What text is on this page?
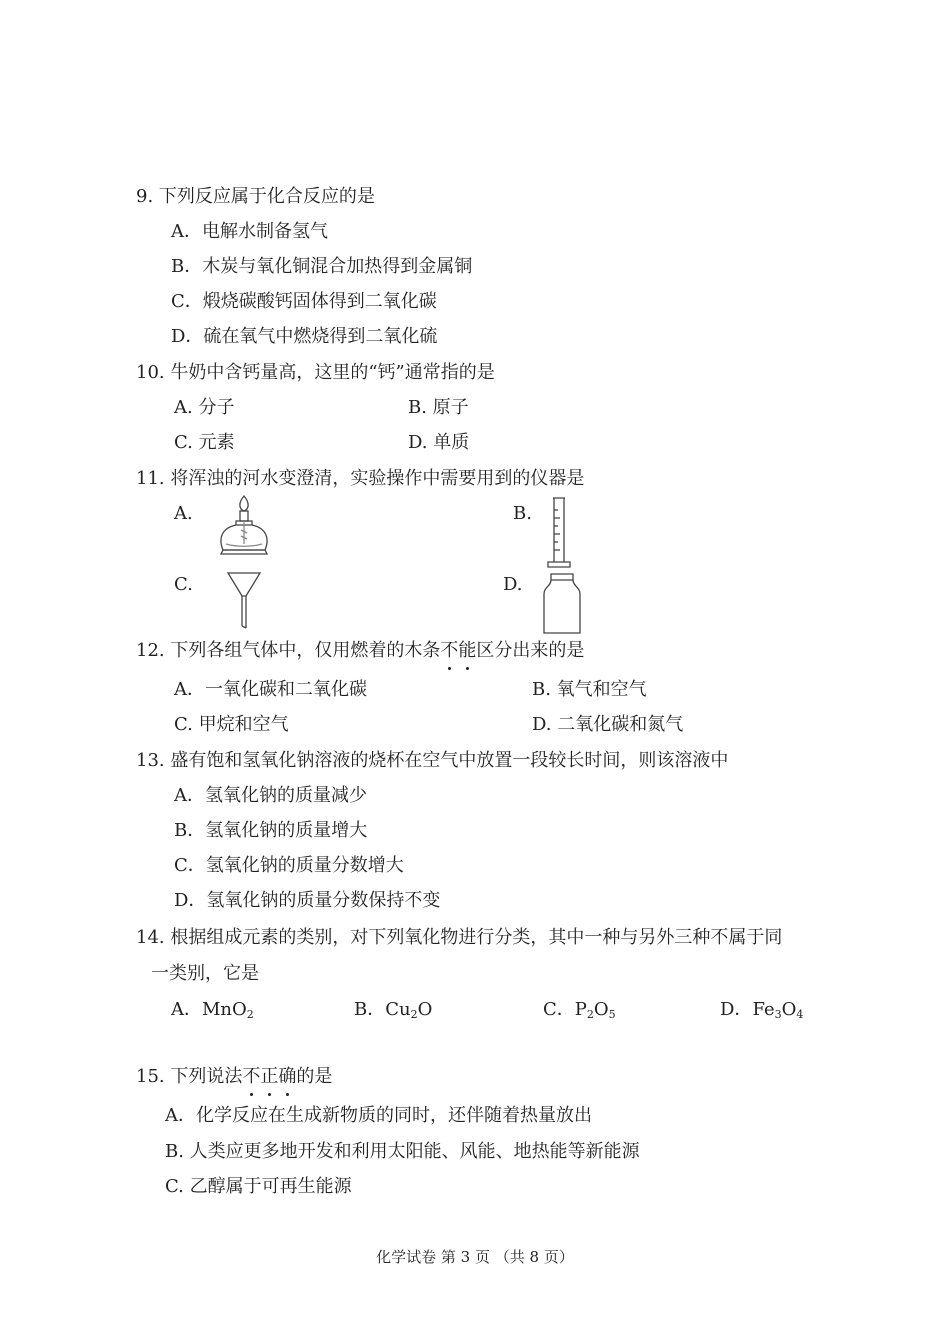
9. 下列反应属于化合反应的是
A．电解水制备氢气
B．木炭与氧化铜混合加热得到金属铜
C．煅烧碳酸钙固体得到二氧化碳
D．硫在氧气中燃烧得到二氧化硫
10. 牛奶中含钙量高，这里的“钙”通常指的是
A. 分子	B. 原子
C. 元素	D. 单质
11. 将浑浊的河水变澄清，实验操作中需要用到的仪器是
A.	B.
C.	D.
12. 下列各组气体中，仅用燃着的木条不能区分出来的是
A．一氧化碳和二氧化碳	B. 氧气和空气
C. 甲烷和空气	D. 二氧化碳和氮气
13. 盛有饱和氢氧化钠溶液的烧杯在空气中放置一段较长时间，则该溶液中
A．氢氧化钠的质量减少
B．氢氧化钠的质量增大
C．氢氧化钠的质量分数增大
D．氢氧化钠的质量分数保持不变
14. 根据组成元素的类别，对下列氧化物进行分类，其中一种与另外三种不属于同
一类别，它是
A．MnO$_2$	B．$Cu_2O$	C．$P_2O_5$	D．$Fe_3O_4$
15. 下列说法不正确的是
A．化学反应在生成新物质的同时，还伴随着热量放出
B. 人类应更多地开发和利用太阳能、风能、地热能等新能源
C. 乙醇属于可再生能源
化学试卷 第 3 页 （共 8 页）
